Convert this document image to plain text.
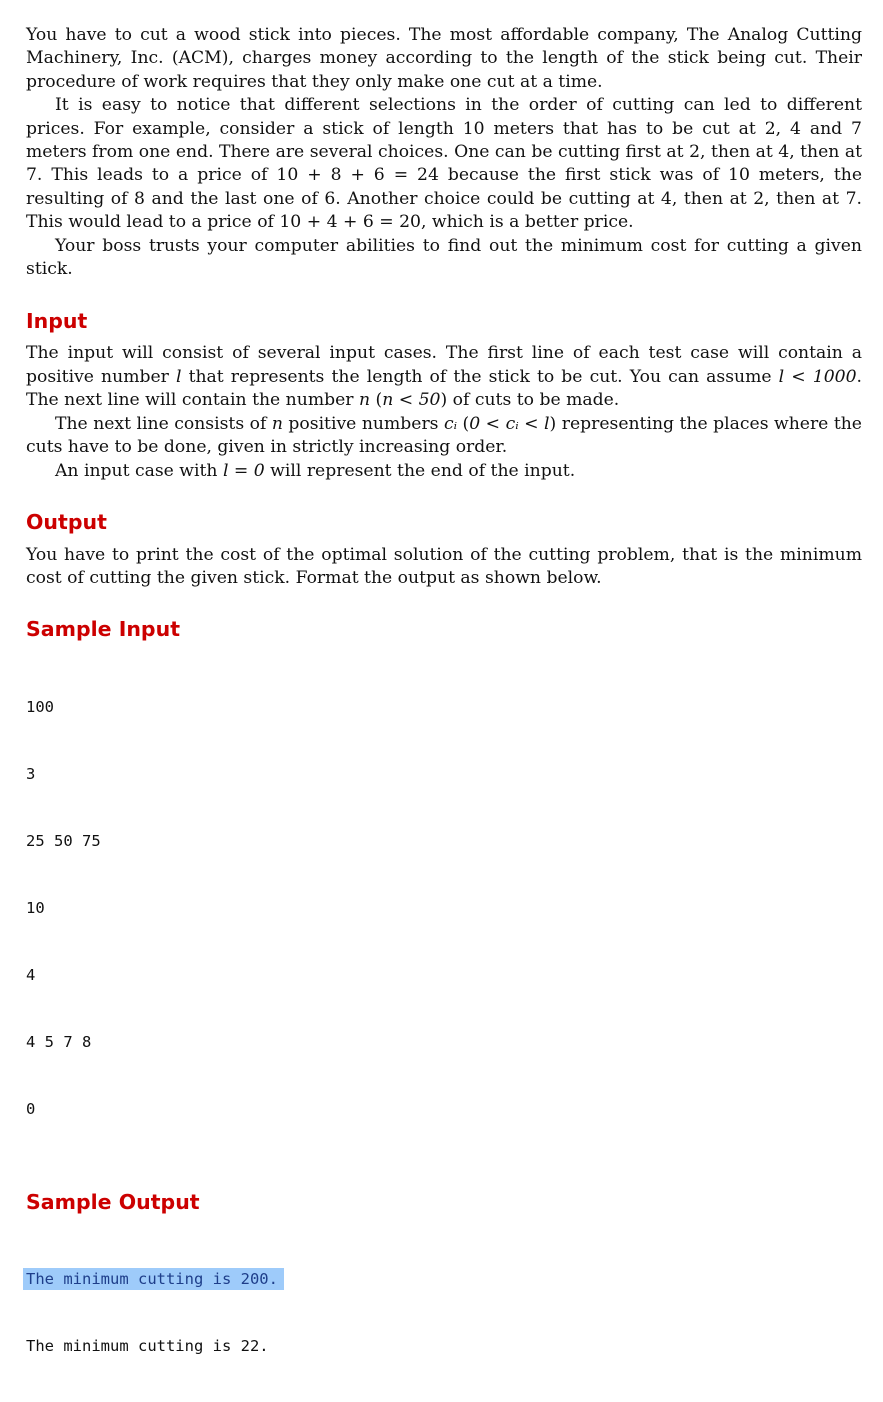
You have to cut a wood stick into pieces. The most affordable company, The Analog Cutting Machinery, Inc. (ACM), charges money according to the length of the stick being cut. Their procedure of work requires that they only make one cut at a time.

It is easy to notice that different selections in the order of cutting can led to different prices. For example, consider a stick of length 10 meters that has to be cut at 2, 4 and 7 meters from one end. There are several choices. One can be cutting first at 2, then at 4, then at 7. This leads to a price of 10 + 8 + 6 = 24 because the first stick was of 10 meters, the resulting of 8 and the last one of 6. Another choice could be cutting at 4, then at 2, then at 7. This would lead to a price of 10 + 4 + 6 = 20, which is a better price.

Your boss trusts your computer abilities to find out the minimum cost for cutting a given stick.

Input

The input will consist of several input cases. The first line of each test case will contain a positive number l that represents the length of the stick to be cut. You can assume l < 1000. The next line will contain the number n (n < 50) of cuts to be made.

The next line consists of n positive numbers cᵢ (0 < cᵢ < l) representing the places where the cuts have to be done, given in strictly increasing order.

An input case with l = 0 will represent the end of the input.

Output

You have to print the cost of the optimal solution of the cutting problem, that is the minimum cost of cutting the given stick. Format the output as shown below.

Sample Input

100

3

25 50 75

10

4

4 5 7 8

0

Sample Output

The minimum cutting is 200.

The minimum cutting is 22.
